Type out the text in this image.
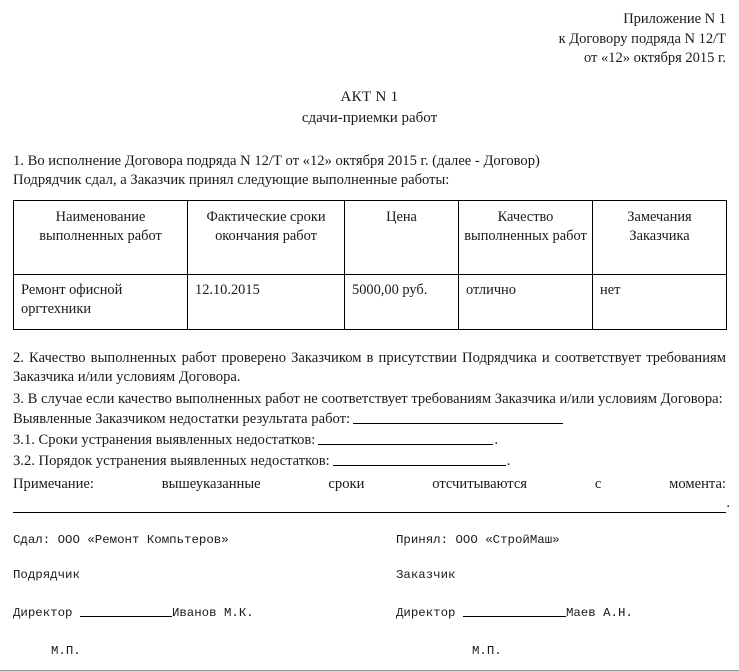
Приложение N 1
к Договору подряда N 12/Т
от «12» октября 2015 г.
АКТ N 1
сдачи-приемки работ
1. Во исполнение Договора подряда N 12/Т от «12» октября 2015 г. (далее - Договор)
Подрядчик сдал, а Заказчик принял следующие выполненные работы:
Наименование выполненных работ	Фактические сроки окончания работ	Цена	Качество выполненных работ	Замечания Заказчика
Ремонт офисной оргтехники	12.10.2015	5000,00 руб.	отлично	нет
2. Качество выполненных работ проверено Заказчиком в присутствии Подрядчика и соответствует требованиям Заказчика и/или условиям Договора.
3. В случае если качество выполненных работ не соответствует требованиям Заказчика и/или условиям Договора:
Выявленные Заказчиком недостатки результата работ:
3.1. Сроки устранения выявленных недостатков:	.
3.2. Порядок устранения выявленных недостатков:	.
Примечание: вышеуказанные сроки отсчитываются с момента:
.
Сдал: ООО «Ремонт Компьтеров»	Принял: ООО «СтройМаш»
Подрядчик	Заказчик
Директор	Иванов М.К.	Директор	Маев А.Н.
М.П.	М.П.
